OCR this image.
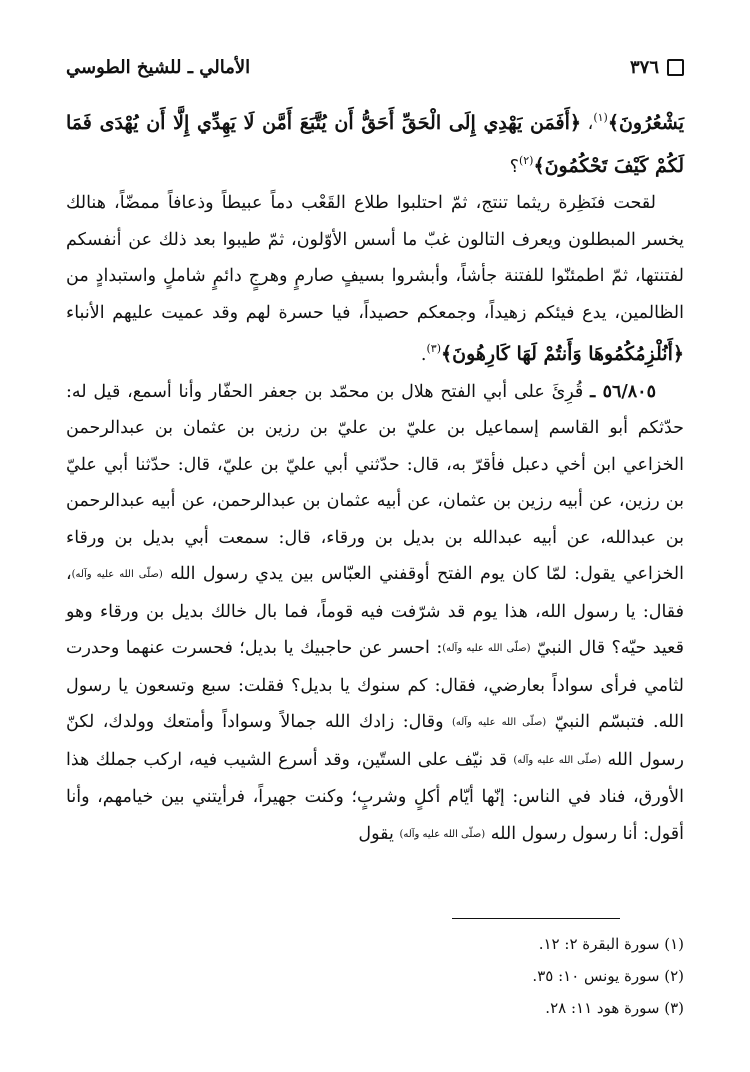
٣٧٦
الأمالي ـ للشيخ الطوسي

يَشْعُرُونَ﴾$^{(١)}$، ﴿أَفَمَن يَهْدِي إِلَى الْحَقِّ أَحَقُّ أَن يُتَّبَعَ أَمَّن لَا يَهِدِّي إِلَّا أَن يُهْدَى فَمَا لَكُمْ كَيْفَ تَحْكُمُونَ﴾$^{(٢)}$؟

لقحت فنَظِرة ريثما تنتج، ثمّ احتلبوا طلاع القَعْب دماً عبيطاً وذعافاً ممضّاً، هنالك يخسر المبطلون ويعرف التالون غبّ ما أسس الأوّلون، ثمّ طيبوا بعد ذلك عن أنفسكم لفتنتها، ثمّ اطمئنّوا للفتنة جأشاً، وأبشروا بسيفٍ صارمٍ وهرجٍ دائمٍ شاملٍ واستبدادٍ من الظالمين، يدع فيئكم زهيداً، وجمعكم حصيداً، فيا حسرة لهم وقد عميت عليهم الأنباء ﴿أَنُلْزِمُكُمُوهَا وَأَنتُمْ لَهَا كَارِهُونَ﴾$^{(٣)}$.

٥٦/٨٠٥ ـ قُرِئَ على أبي الفتح هلال بن محمّد بن جعفر الحفّار وأنا أسمع، قيل له: حدّثكم أبو القاسم إسماعيل بن عليّ بن عليّ بن رزين بن عثمان بن عبدالرحمن الخزاعي ابن أخي دعبل فأقرّ به، قال: حدّثني أبي عليّ بن عليّ، قال: حدّثنا أبي عليّ بن رزين، عن أبيه رزين بن عثمان، عن أبيه عثمان بن عبدالرحمن، عن أبيه عبدالرحمن بن عبدالله، عن أبيه عبدالله بن بديل بن ورقاء، قال: سمعت أبي بديل بن ورقاء الخزاعي يقول: لمّا كان يوم الفتح أوقفني العبّاس بين يدي رسول الله (صلّى الله عليه وآله)، فقال: يا رسول الله، هذا يوم قد شرّفت فيه قوماً، فما بال خالك بديل بن ورقاء وهو قعيد حيّه؟ قال النبيّ (صلّى الله عليه وآله): احسر عن حاجبيك يا بديل؛ فحسرت عنهما وحدرت لثامي فرأى سواداً بعارضي، فقال: كم سنوك يا بديل؟ فقلت: سبع وتسعون يا رسول الله. فتبسّم النبيّ (صلّى الله عليه وآله) وقال: زادك الله جمالاً وسواداً وأمتعك وولدك، لكنّ رسول الله (صلّى الله عليه وآله) قد نيّف على الستّين، وقد أسرع الشيب فيه، اركب جملك هذا الأورق، فناد في الناس: إنّها أيّام أكلٍ وشربٍ؛ وكنت جهيراً، فرأيتني بين خيامهم، وأنا أقول: أنا رسول رسول الله (صلّى الله عليه وآله) يقول

(١) سورة البقرة ٢: ١٢.
(٢) سورة يونس ١٠: ٣٥.
(٣) سورة هود ١١: ٢٨.
